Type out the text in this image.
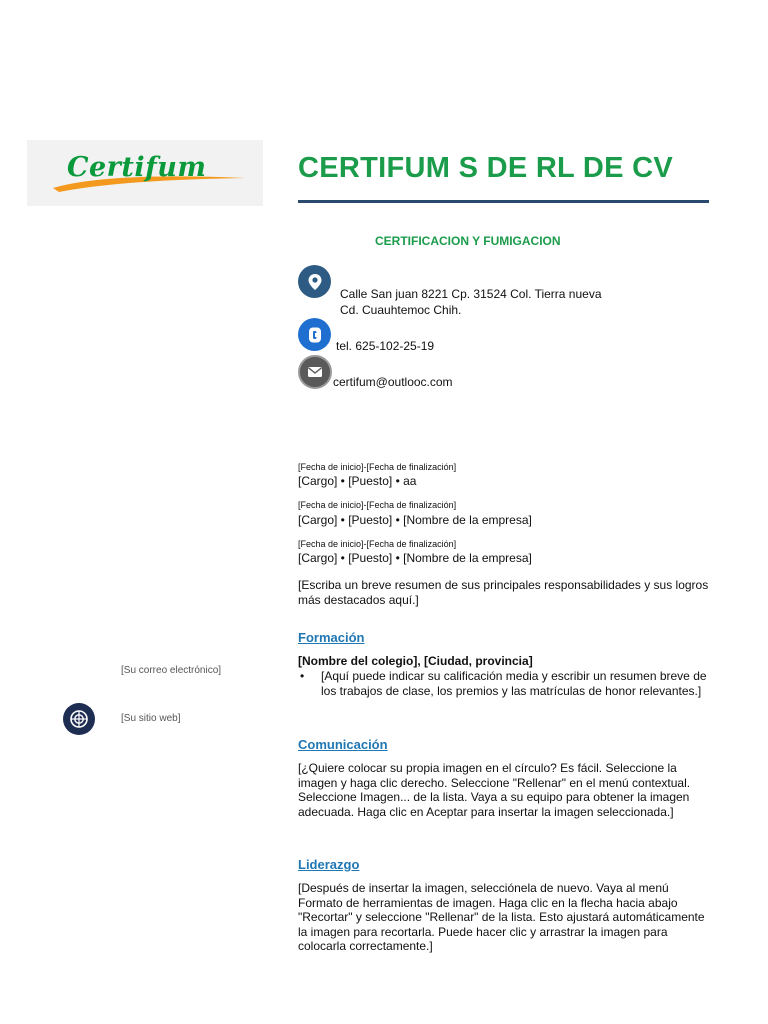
Certifum	CERTIFUM S DE RL DE CV
CERTIFICACION Y FUMIGACION
Calle San juan 8221 Cp. 31524 Col. Tierra nueva
Cd. Cuauhtemoc Chih.
tel. 625-102-25-19
certifum@outlooc.com
[Fecha de inicio]-[Fecha de finalización]
[Cargo] • [Puesto] • aa
[Fecha de inicio]-[Fecha de finalización]
[Cargo] • [Puesto] • [Nombre de la empresa]
[Fecha de inicio]-[Fecha de finalización]
[Cargo] • [Puesto] • [Nombre de la empresa]
[Escriba un breve resumen de sus principales responsabilidades y sus logros más destacados aquí.]
Formación
[Nombre del colegio], [Ciudad, provincia]
• [Aquí puede indicar su calificación media y escribir un resumen breve de los trabajos de clase, los premios y las matrículas de honor relevantes.]
Comunicación
[¿Quiere colocar su propia imagen en el círculo? Es fácil. Seleccione la imagen y haga clic derecho. Seleccione "Rellenar" en el menú contextual. Seleccione Imagen... de la lista. Vaya a su equipo para obtener la imagen adecuada. Haga clic en Aceptar para insertar la imagen seleccionada.]
Liderazgo
[Después de insertar la imagen, selecciónela de nuevo. Vaya al menú Formato de herramientas de imagen. Haga clic en la flecha hacia abajo "Recortar" y seleccione "Rellenar" de la lista. Esto ajustará automáticamente la imagen para recortarla. Puede hacer clic y arrastrar la imagen para colocarla correctamente.]
[Su correo electrónico]
[Su sitio web]
